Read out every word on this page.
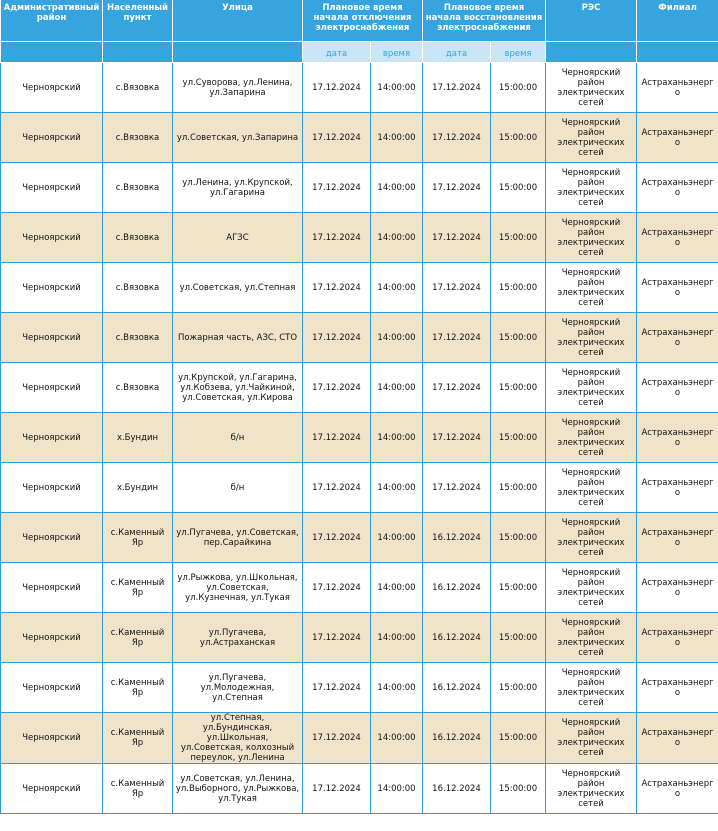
Административный район	Населенный пункт	Улица	Плановое время начала отключения электроснабжения		Плановое время начала восстановления электроснабжения		РЭС	Филиал
			дата	время	дата	время		
Черноярский	с.Вязовка	ул.Суворова, ул.Ленина, ул.Запарина	17.12.2024	14:00:00	17.12.2024	15:00:00	Черноярский район электрических сетей	Астраханьэнерго
Черноярский	с.Вязовка	ул.Советская, ул.Запарина	17.12.2024	14:00:00	17.12.2024	15:00:00	Черноярский район электрических сетей	Астраханьэнерго
Черноярский	с.Вязовка	ул.Ленина, ул.Крупской, ул.Гагарина	17.12.2024	14:00:00	17.12.2024	15:00:00	Черноярский район электрических сетей	Астраханьэнерго
Черноярский	с.Вязовка	АГЗС	17.12.2024	14:00:00	17.12.2024	15:00:00	Черноярский район электрических сетей	Астраханьэнерго
Черноярский	с.Вязовка	ул.Советская, ул.Степная	17.12.2024	14:00:00	17.12.2024	15:00:00	Черноярский район электрических сетей	Астраханьэнерго
Черноярский	с.Вязовка	Пожарная часть, АЗС, СТО	17.12.2024	14:00:00	17.12.2024	15:00:00	Черноярский район электрических сетей	Астраханьэнерго
Черноярский	с.Вязовка	ул.Крупской, ул.Гагарина, ул.Кобзева, ул.Чайкиной, ул.Советская, ул.Кирова	17.12.2024	14:00:00	17.12.2024	15:00:00	Черноярский район электрических сетей	Астраханьэнерго
Черноярский	х.Бундин	б/н	17.12.2024	14:00:00	17.12.2024	15:00:00	Черноярский район электрических сетей	Астраханьэнерго
Черноярский	х.Бундин	б/н	17.12.2024	14:00:00	17.12.2024	15:00:00	Черноярский район электрических сетей	Астраханьэнерго
Черноярский	с.Каменный Яр	ул.Пугачева, ул.Советская, пер.Сарайкина	17.12.2024	14:00:00	16.12.2024	15:00:00	Черноярский район электрических сетей	Астраханьэнерго
Черноярский	с.Каменный Яр	ул.Рыжкова, ул.Школьная, ул.Советская, ул.Кузнечная, ул.Тукая	17.12.2024	14:00:00	16.12.2024	15:00:00	Черноярский район электрических сетей	Астраханьэнерго
Черноярский	с.Каменный Яр	ул.Пугачева, ул.Астраханская	17.12.2024	14:00:00	16.12.2024	15:00:00	Черноярский район электрических сетей	Астраханьэнерго
Черноярский	с.Каменный Яр	ул.Пугачева, ул.Молодежная, ул.Степная	17.12.2024	14:00:00	16.12.2024	15:00:00	Черноярский район электрических сетей	Астраханьэнерго
Черноярский	с.Каменный Яр	ул.Степная, ул.Бундинская, ул.Школьная, ул.Советская, колхозный переулок, ул.Ленина	17.12.2024	14:00:00	16.12.2024	15:00:00	Черноярский район электрических сетей	Астраханьэнерго
Черноярский	с.Каменный Яр	ул.Советская, ул.Ленина, ул.Выборного, ул.Рыжкова, ул.Тукая	17.12.2024	14:00:00	16.12.2024	15:00:00	Черноярский район электрических сетей	Астраханьэнерго
